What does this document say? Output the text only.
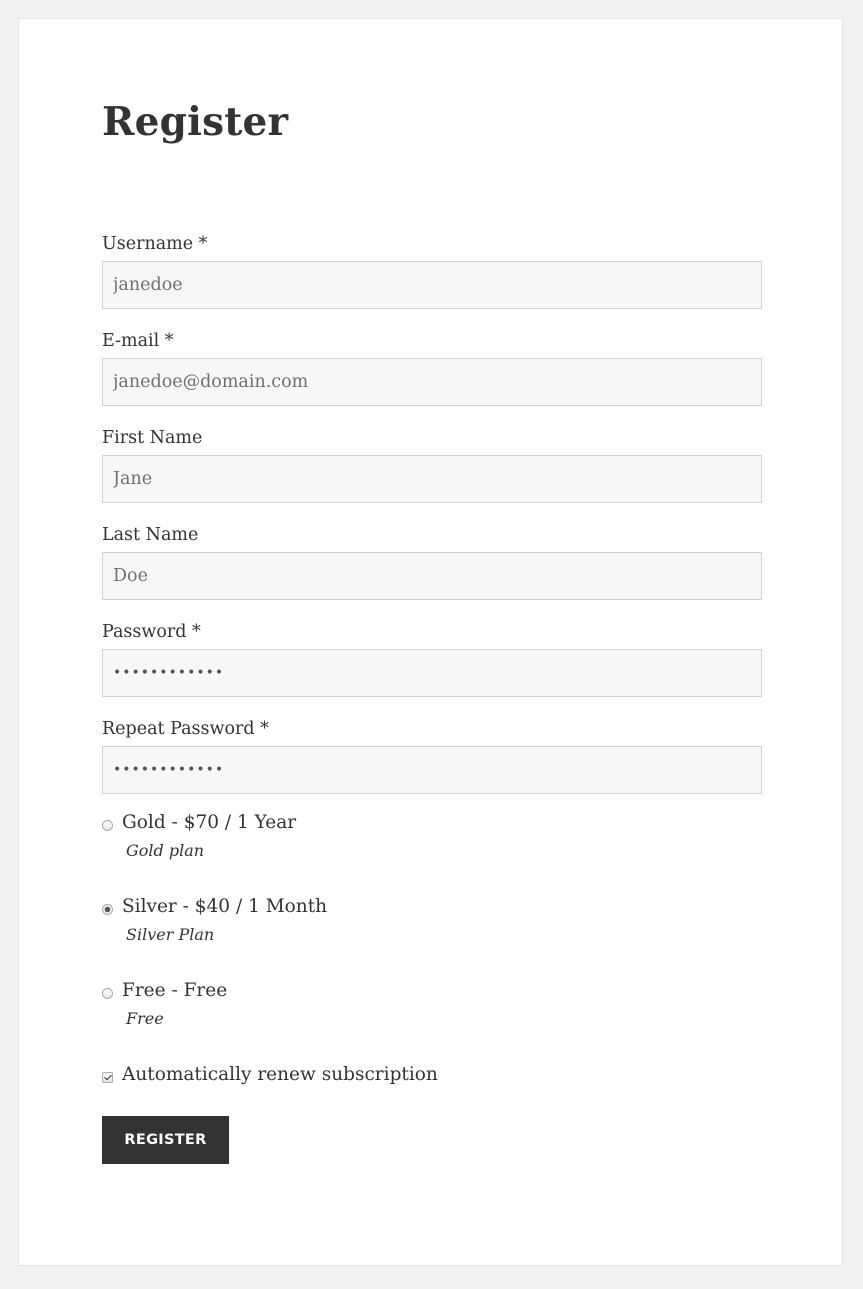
Register
Username *
janedoe
E-mail *
janedoe@domain.com
First Name
Jane
Last Name
Doe
Password *
••••••••••••
Repeat Password *
••••••••••••
Gold - $70 / 1 Year
Gold plan
Silver - $40 / 1 Month
Silver Plan
Free - Free
Free
Automatically renew subscription
REGISTER
